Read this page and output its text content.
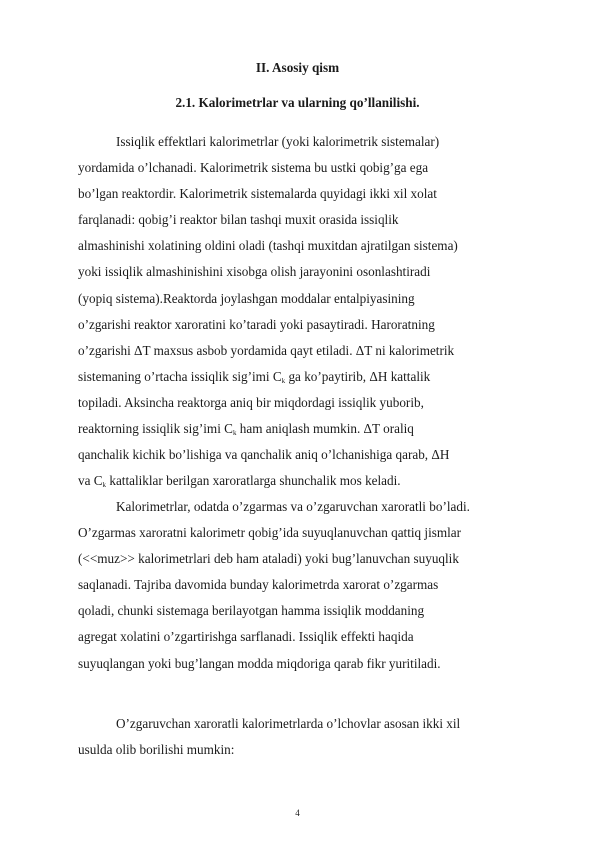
II. Asosiy qism
2.1. Kalorimetrlar va ularning qo’llanilishi.
Issiqlik effektlari kalorimetrlar (yoki kalorimetrik sistemalar)
yordamida o’lchanadi. Kalorimetrik sistema bu ustki qobig’ga ega
bo’lgan reaktordir. Kalorimetrik sistemalarda quyidagi ikki xil xolat
farqlanadi: qobig’i reaktor bilan tashqi muxit orasida issiqlik
almashinishi xolatining oldini oladi (tashqi muxitdan ajratilgan sistema)
yoki issiqlik almashinishini xisobga olish jarayonini osonlashtiradi
(yopiq sistema).Reaktorda joylashgan moddalar entalpiyasining
o’zgarishi reaktor xaroratini ko’taradi yoki pasaytiradi. Haroratning
o’zgarishi ΔT maxsus asbob yordamida qayt etiladi. ΔT ni kalorimetrik
sistemaning o’rtacha issiqlik sig’imi $C_k$ ga ko’paytirib, ΔH kattalik
topiladi. Aksincha reaktorga aniq bir miqdordagi issiqlik yuborib,
reaktorning issiqlik sig’imi $C_k$ ham aniqlash mumkin. ΔT oraliq
qanchalik kichik bo’lishiga va qanchalik aniq o’lchanishiga qarab, ΔH
va $C_k$ kattaliklar berilgan xaroratlarga shunchalik mos keladi.
Kalorimetrlar, odatda o’zgarmas va o’zgaruvchan xaroratli bo’ladi.
O’zgarmas xaroratni kalorimetr qobig’ida suyuqlanuvchan qattiq jismlar
(<<muz>> kalorimetrlari deb ham ataladi) yoki bug’lanuvchan suyuqlik
saqlanadi. Tajriba davomida bunday kalorimetrda xarorat o’zgarmas
qoladi, chunki sistemaga berilayotgan hamma issiqlik moddaning
agregat xolatini o’zgartirishga sarflanadi. Issiqlik effekti haqida
suyuqlangan yoki bug’langan modda miqdoriga qarab fikr yuritiladi.
O’zgaruvchan xaroratli kalorimetrlarda o’lchovlar asosan ikki xil
usulda olib borilishi mumkin:
4
